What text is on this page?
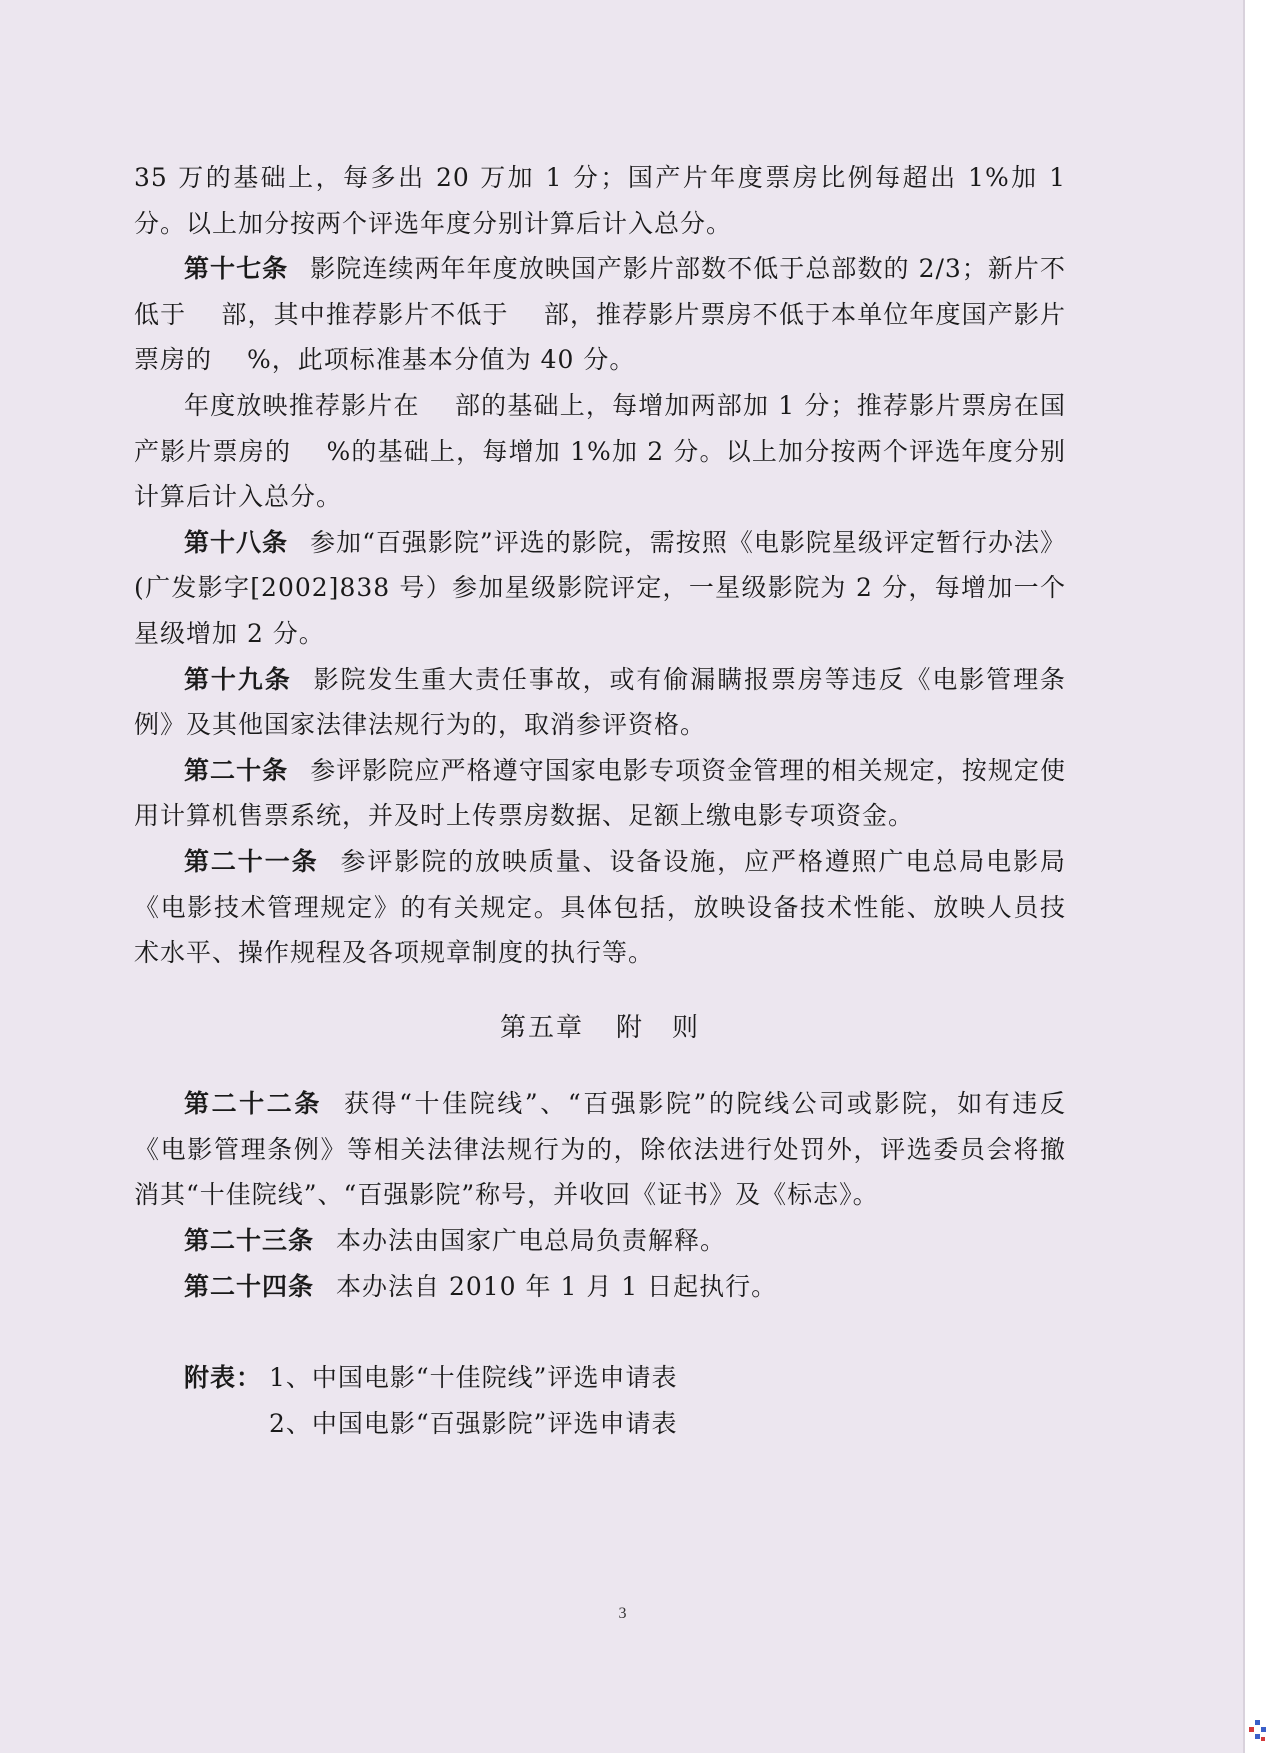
35 万的基础上，每多出 20 万加 1 分；国产片年度票房比例每超出 1%加 1 分。以上加分按两个评选年度分别计算后计入总分。

第十七条 影院连续两年年度放映国产影片部数不低于总部数的 2/3；新片不低于　 部，其中推荐影片不低于　 部，推荐影片票房不低于本单位年度国产影片票房的　 %，此项标准基本分值为 40 分。

年度放映推荐影片在　 部的基础上，每增加两部加 1 分；推荐影片票房在国产影片票房的　 %的基础上，每增加 1%加 2 分。以上加分按两个评选年度分别计算后计入总分。

第十八条 参加“百强影院”评选的影院，需按照《电影院星级评定暂行办法》(广发影字[2002]838 号）参加星级影院评定，一星级影院为 2 分，每增加一个星级增加 2 分。

第十九条 影院发生重大责任事故，或有偷漏瞒报票房等违反《电影管理条例》及其他国家法律法规行为的，取消参评资格。

第二十条 参评影院应严格遵守国家电影专项资金管理的相关规定，按规定使用计算机售票系统，并及时上传票房数据、足额上缴电影专项资金。

第二十一条 参评影院的放映质量、设备设施，应严格遵照广电总局电影局《电影技术管理规定》的有关规定。具体包括，放映设备技术性能、放映人员技术水平、操作规程及各项规章制度的执行等。

第五章 附　则

第二十二条 获得“十佳院线”、“百强影院”的院线公司或影院，如有违反《电影管理条例》等相关法律法规行为的，除依法进行处罚外，评选委员会将撤消其“十佳院线”、“百强影院”称号，并收回《证书》及《标志》。

第二十三条 本办法由国家广电总局负责解释。

第二十四条 本办法自 2010 年 1 月 1 日起执行。

附表： 1、中国电影“十佳院线”评选申请表
2、中国电影“百强影院”评选申请表
3
